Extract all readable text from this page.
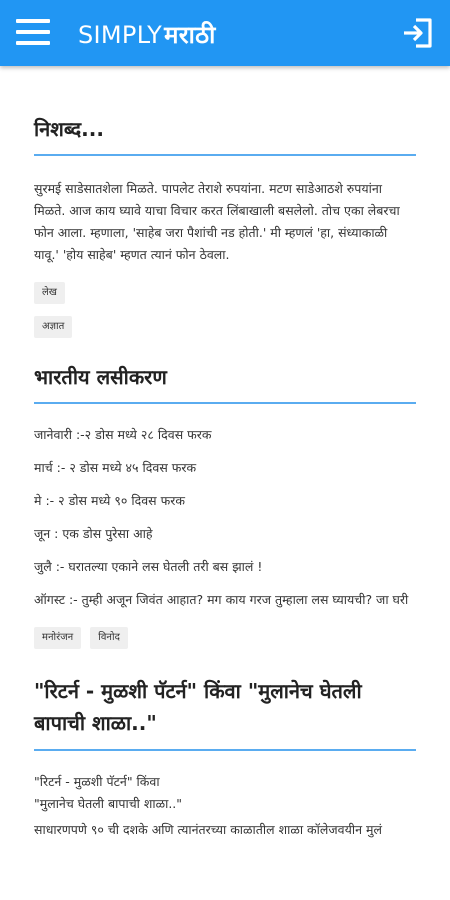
SIMPLYमराठी
निशब्द...

सुरमई साडेसातशेला मिळते. पापलेट तेराशे रुपयांना. मटण साडेआठशे रुपयांना मिळते. आज काय घ्यावे याचा विचार करत लिंबाखाली बसलेलो. तोच एका लेबरचा फोन आला. म्हणाला, 'साहेब जरा पैशांची नड होती.' मी म्हणलं 'हा, संध्याकाळी यावू.' 'होय साहेब' म्हणत त्यानं फोन ठेवला.

लेख
अज्ञात
भारतीय लसीकरण

जानेवारी :-२ डोस मध्ये २८ दिवस फरक

मार्च :- २ डोस मध्ये ४५ दिवस फरक

मे :- २ डोस मध्ये ९० दिवस फरक

जून : एक डोस पुरेसा आहे

जुलै :- घरातल्या एकाने लस घेतली तरी बस झालं !

ऑगस्ट :- तुम्ही अजून जिवंत आहात? मग काय गरज तुम्हाला लस घ्यायची? जा घरी

मनोरंजन	विनोद
"रिटर्न - मुळशी पॅटर्न" किंवा "मुलानेच घेतली बापाची शाळा.."

"रिटर्न - मुळशी पॅटर्न" किंवा

"मुलानेच घेतली बापाची शाळा.."

साधारणपणे ९० ची दशके अणि त्यानंतरच्या काळातील शाळा कॉलेजवयीन मुलं
